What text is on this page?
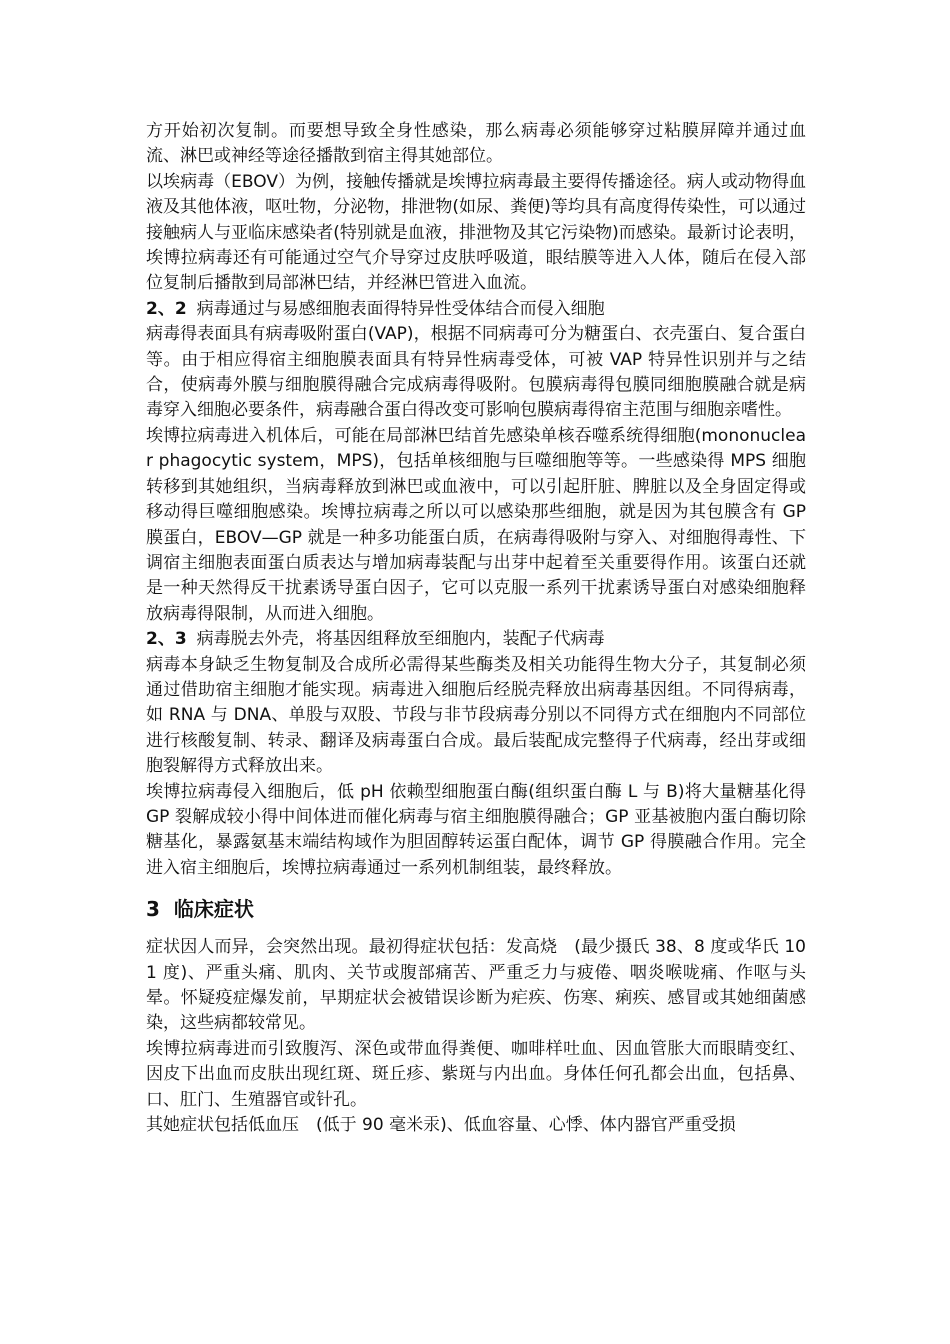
方开始初次复制。而要想导致全身性感染，那么病毒必须能够穿过粘膜屏障并通过血流、淋巴或神经等途径播散到宿主得其她部位。

以埃病毒（EBOV）为例，接触传播就是埃博拉病毒最主要得传播途径。病人或动物得血液及其他体液，呕吐物，分泌物，排泄物(如尿、粪便)等均具有高度得传染性，可以通过接触病人与亚临床感染者(特别就是血液，排泄物及其它污染物)而感染。最新讨论表明，埃博拉病毒还有可能通过空气介导穿过皮肤呼吸道，眼结膜等进入人体，随后在侵入部位复制后播散到局部淋巴结，并经淋巴管进入血流。

2、2 病毒通过与易感细胞表面得特异性受体结合而侵入细胞

病毒得表面具有病毒吸附蛋白(VAP)，根据不同病毒可分为糖蛋白、衣壳蛋白、复合蛋白等。由于相应得宿主细胞膜表面具有特异性病毒受体，可被 VAP 特异性识别并与之结合，使病毒外膜与细胞膜得融合完成病毒得吸附。包膜病毒得包膜同细胞膜融合就是病毒穿入细胞必要条件，病毒融合蛋白得改变可影响包膜病毒得宿主范围与细胞亲嗜性。

埃博拉病毒进入机体后，可能在局部淋巴结首先感染单核吞噬系统得细胞(mononuclear phagocytic system，MPS)，包括单核细胞与巨噬细胞等等。一些感染得 MPS 细胞转移到其她组织，当病毒释放到淋巴或血液中，可以引起肝脏、脾脏以及全身固定得或移动得巨噬细胞感染。埃博拉病毒之所以可以感染那些细胞，就是因为其包膜含有 GP 膜蛋白，EBOV—GP 就是一种多功能蛋白质，在病毒得吸附与穿入、对细胞得毒性、下调宿主细胞表面蛋白质表达与增加病毒装配与出芽中起着至关重要得作用。该蛋白还就是一种天然得反干扰素诱导蛋白因子，它可以克服一系列干扰素诱导蛋白对感染细胞释放病毒得限制，从而进入细胞。

2、3 病毒脱去外壳，将基因组释放至细胞内，装配子代病毒

病毒本身缺乏生物复制及合成所必需得某些酶类及相关功能得生物大分子，其复制必须通过借助宿主细胞才能实现。病毒进入细胞后经脱壳释放出病毒基因组。不同得病毒，如 RNA 与 DNA、单股与双股、节段与非节段病毒分别以不同得方式在细胞内不同部位进行核酸复制、转录、翻译及病毒蛋白合成。最后装配成完整得子代病毒，经出芽或细胞裂解得方式释放出来。

埃博拉病毒侵入细胞后，低 pH 依赖型细胞蛋白酶(组织蛋白酶 L 与 B)将大量糖基化得 GP 裂解成较小得中间体进而催化病毒与宿主细胞膜得融合；GP 亚基被胞内蛋白酶切除糖基化，暴露氨基末端结构域作为胆固醇转运蛋白配体，调节 GP 得膜融合作用。完全进入宿主细胞后，埃博拉病毒通过一系列机制组装，最终释放。

3 临床症状

症状因人而异，会突然出现。最初得症状包括：发高烧　(最少摄氏 38、8 度或华氏 101 度)、严重头痛、肌肉、关节或腹部痛苦、严重乏力与疲倦、咽炎喉咙痛、作呕与头晕。怀疑疫症爆发前，早期症状会被错误诊断为疟疾、伤寒、痢疾、感冒或其她细菌感染，这些病都较常见。

埃博拉病毒进而引致腹泻、深色或带血得粪便、咖啡样吐血、因血管胀大而眼睛变红、因皮下出血而皮肤出现红斑、斑丘疹、紫斑与内出血。身体任何孔都会出血，包括鼻、口、肛门、生殖器官或针孔。

其她症状包括低血压　(低于 90 毫米汞)、低血容量、心悸、体内器官严重受损
